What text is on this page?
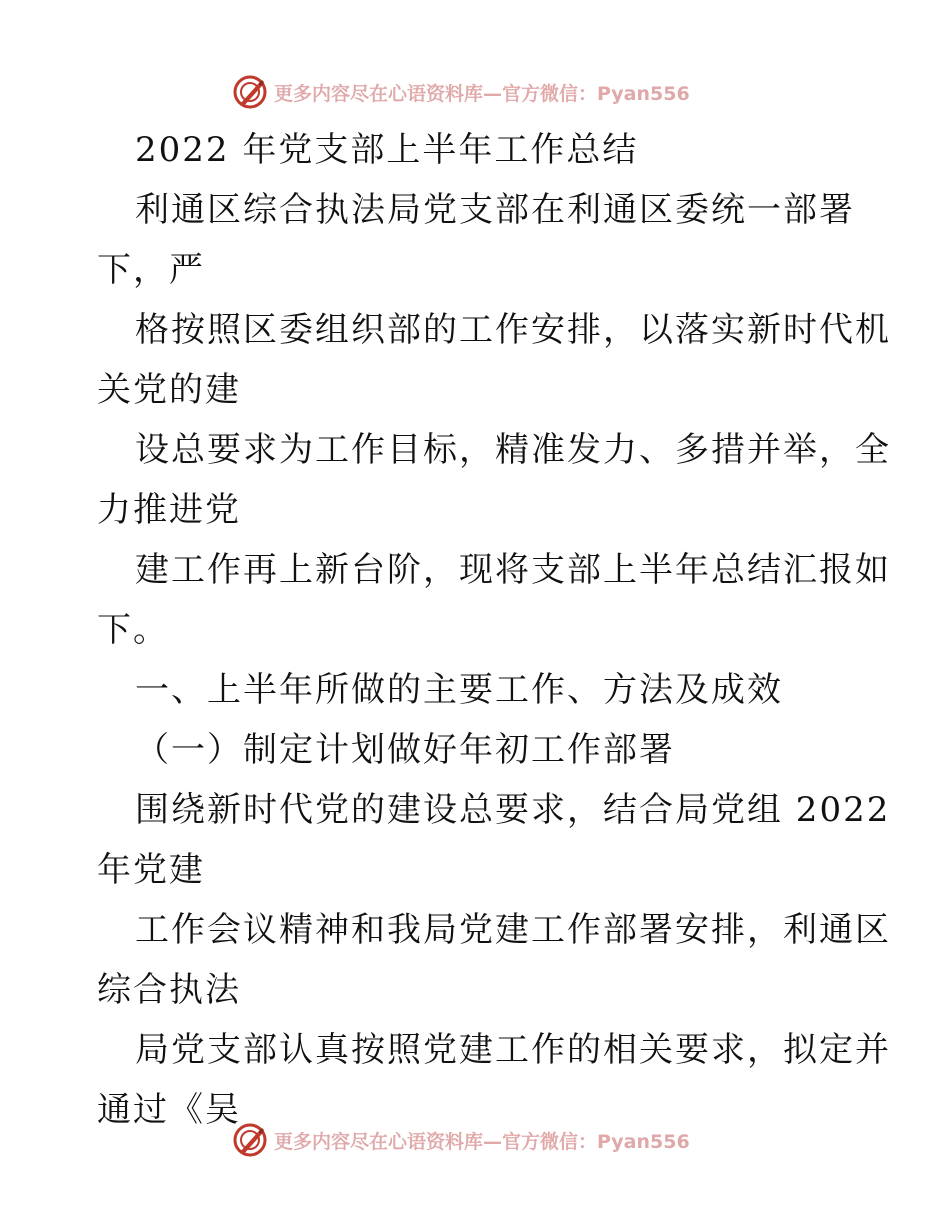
更多内容尽在心语资料库—官方微信：Pyan556
2022 年党支部上半年工作总结
利通区综合执法局党支部在利通区委统一部署
下，严
格按照区委组织部的工作安排，以落实新时代机
关党的建
设总要求为工作目标，精准发力、多措并举，全
力推进党
建工作再上新台阶，现将支部上半年总结汇报如
下。
一、上半年所做的主要工作、方法及成效
（一）制定计划做好年初工作部署
围绕新时代党的建设总要求，结合局党组 2022
年党建
工作会议精神和我局党建工作部署安排，利通区
综合执法
局党支部认真按照党建工作的相关要求，拟定并
通过《吴
更多内容尽在心语资料库—官方微信：Pyan556
